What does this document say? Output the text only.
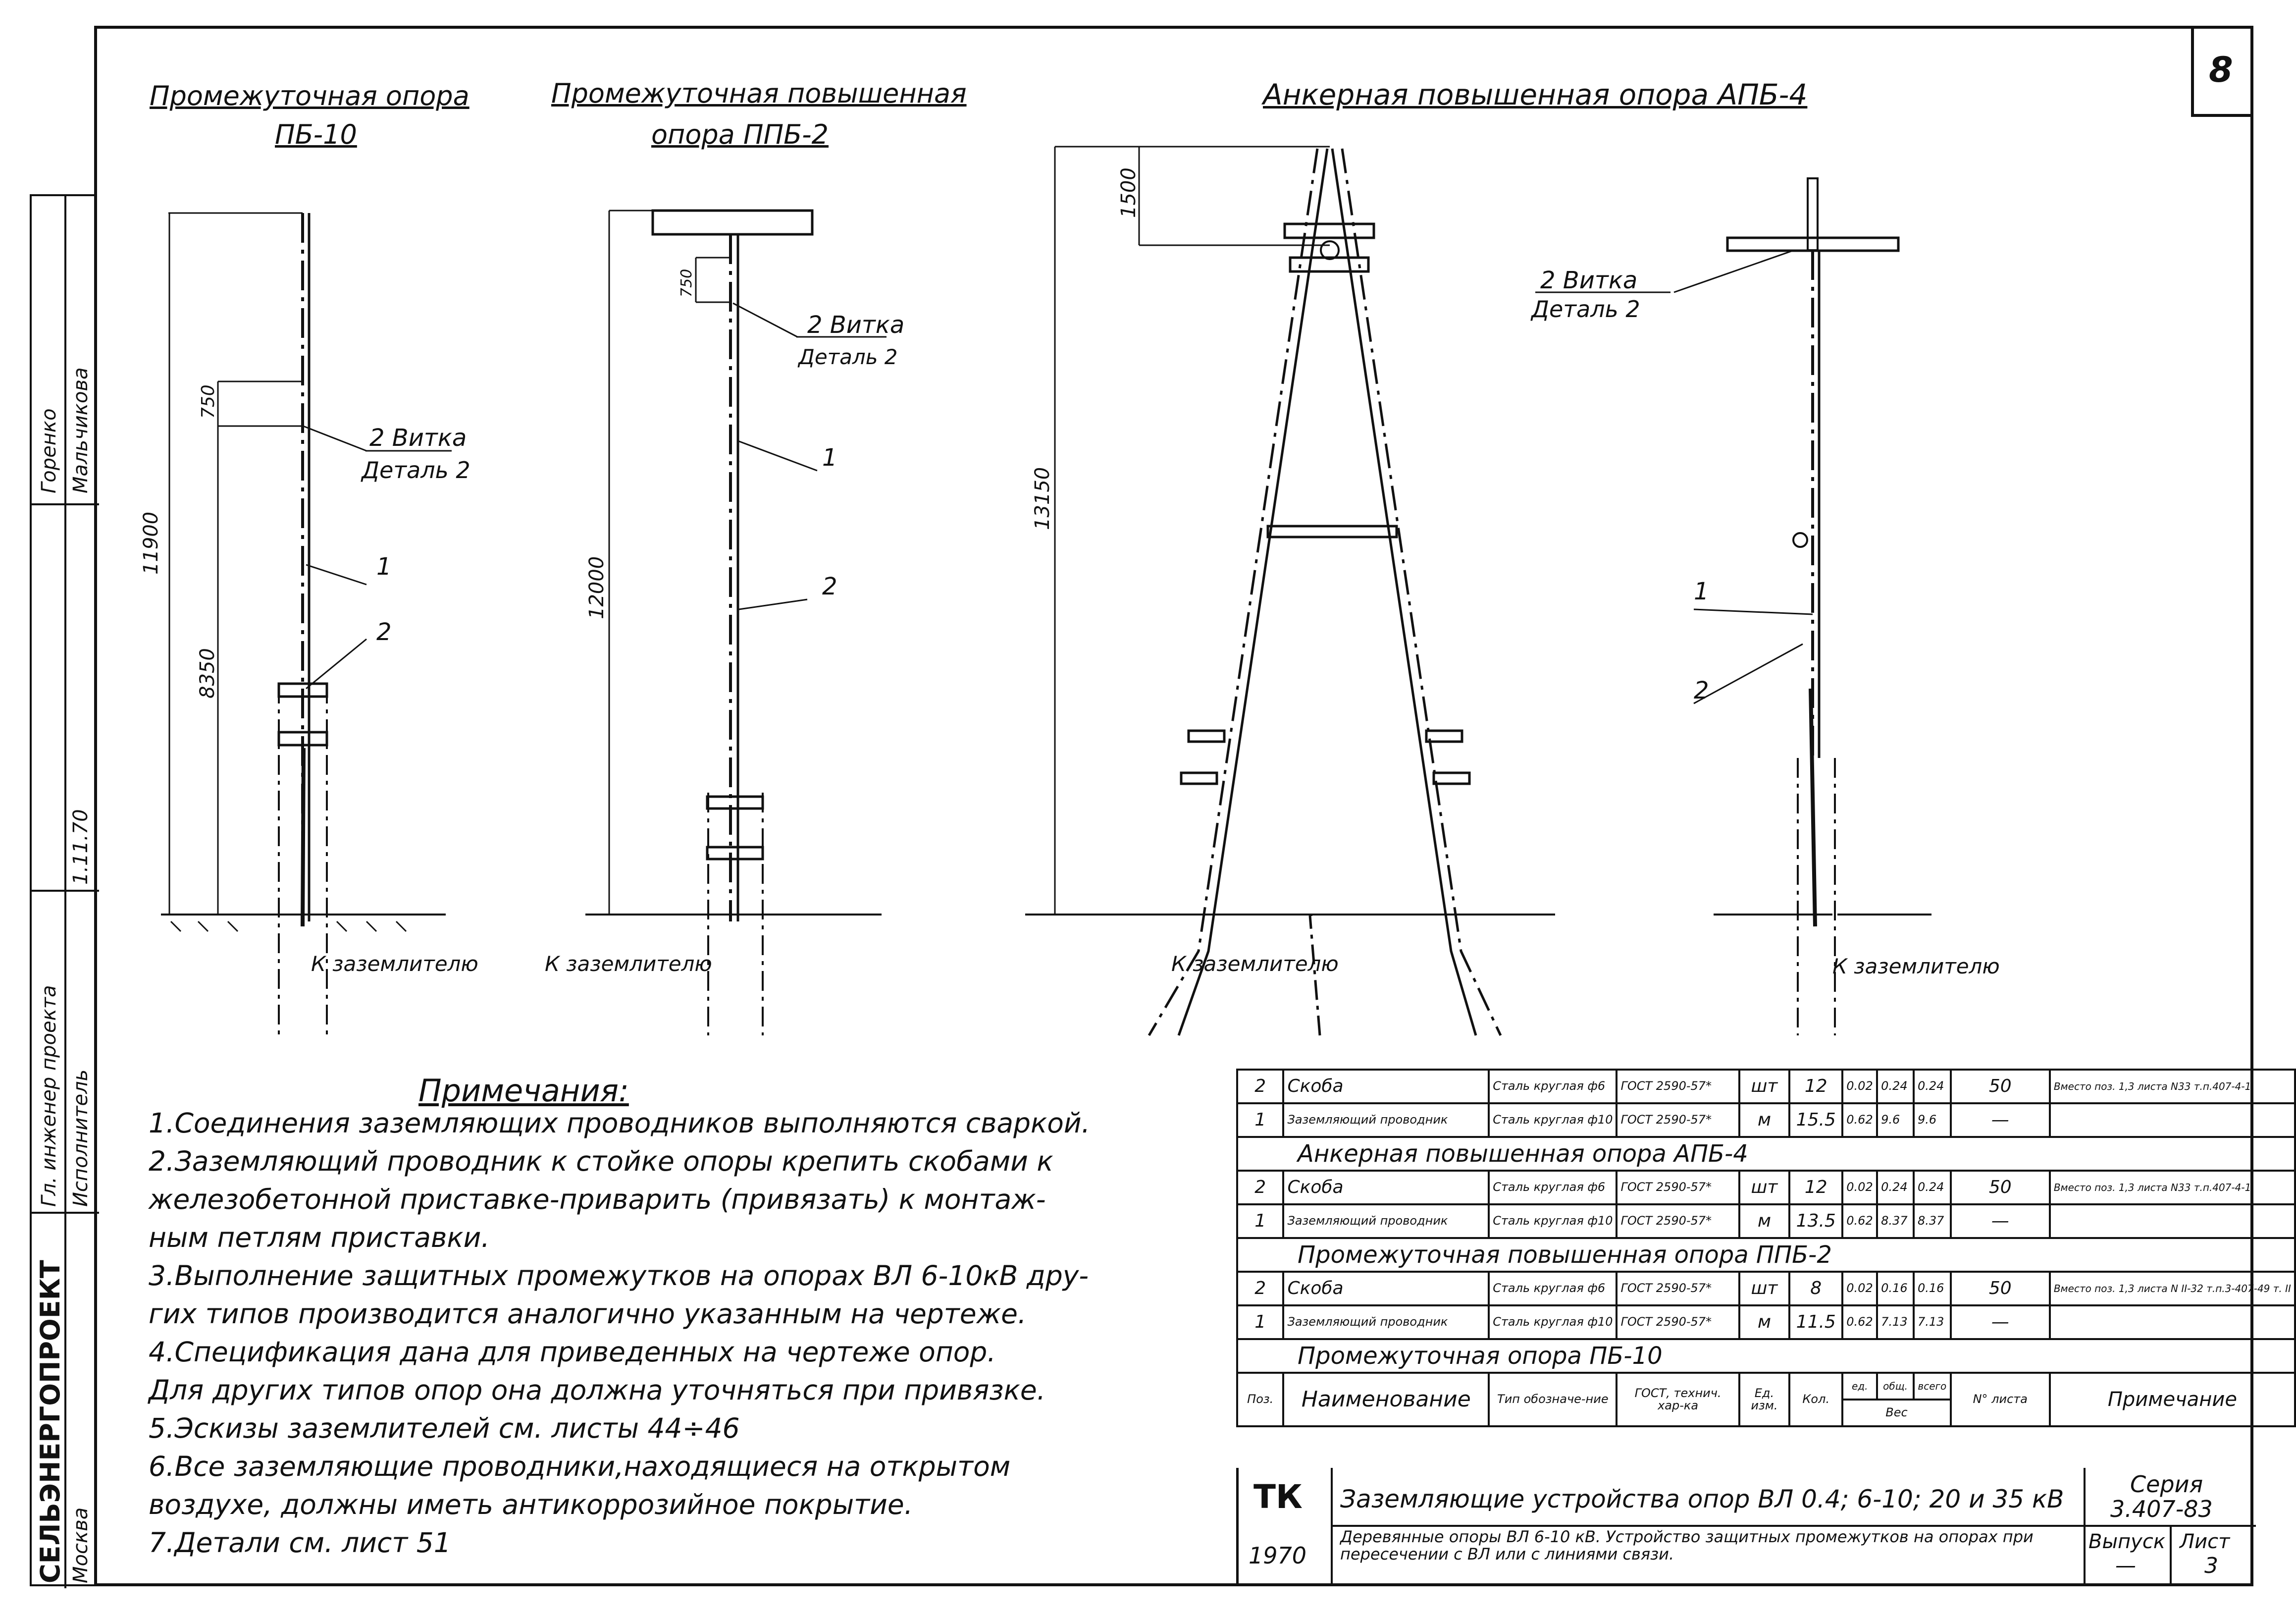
СЕЛЬЭНЕРГОПРОЕКТ Москва
Гл. инженер проекта Исполнитель
1.11.70
Горенко Мальчикова
8
Промежуточная опора
ПБ-10
Промежуточная повышенная
опора ППБ-2
Анкерная повышенная опора АПБ-4
11900
750
8350
12000
750
13150
1500
2 Витка
Деталь 2
1
2
2 Витка
Деталь 2
1
2
2 Витка
Деталь 2
1
2
К заземлителю	К заземлителю	К заземлителю	К заземлителю
Примечания:
1.Соединения заземляющих проводников выполняются сваркой.
2.Заземляющий проводник к стойке опоры крепить скобами к
железобетонной приставке-приварить (привязать) к монтаж-
ным петлям приставки.
3.Выполнение защитных промежутков на опорах ВЛ 6-10кВ дру-
гих типов производится аналогично указанным на чертеже.
4.Спецификация дана для приведенных на чертеже опор.
Для других типов опор она должна уточняться при привязке.
5.Эскизы заземлителей см. листы 44÷46
6.Все заземляющие проводники,находящиеся на открытом
воздухе, должны иметь антикоррозийное покрытие.
7.Детали см. лист 51
2	Скоба	Сталь круглая ф6	ГОСТ 2590-57*	шт	12	0.02	0.24	0.24	50	Вместо поз. 1,3 листа N33 т.п.407-4-1
1	Заземляющий проводник	Сталь круглая ф10	ГОСТ 2590-57*	м	15.5	0.62	9.6	9.6	—	
Анкерная повышенная опора АПБ-4										
2	Скоба	Сталь круглая ф6	ГОСТ 2590-57*	шт	12	0.02	0.24	0.24	50	Вместо поз. 1,3 листа N33 т.п.407-4-1
1	Заземляющий проводник	Сталь круглая ф10	ГОСТ 2590-57*	м	13.5	0.62	8.37	8.37	—	
Промежуточная повышенная опора ППБ-2										
2	Скоба	Сталь круглая ф6	ГОСТ 2590-57*	шт	8	0.02	0.16	0.16	50	Вместо поз. 1,3 листа N II-32 т.п.3-407-49 т. II
1	Заземляющий проводник	Сталь круглая ф10	ГОСТ 2590-57*	м	11.5	0.62	7.13	7.13	—	
Промежуточная опора ПБ-10										
Поз.	Наименование	Тип обозначе-ние	ГОСТ, технич. хар-ка	Ед. изм.	Кол.	ед.	общ.	всего	N° листа	Примечание
						Вес				
ТК
1970
Заземляющие устройства опор ВЛ 0.4; 6-10; 20 и 35 кВ
Деревянные опоры ВЛ 6-10 кВ. Устройство защитных промежутков на опорах при пересечении с ВЛ или с линиями связи.
Серия
3.407-83
Выпуск
—
Лист
3
